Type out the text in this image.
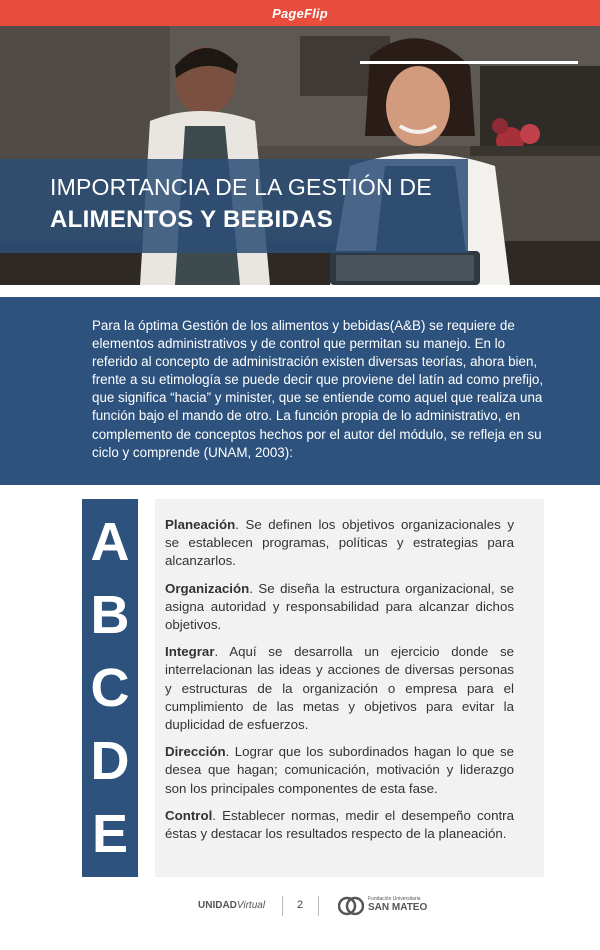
PageFlip
IMPORTANCIA DE LA GESTIÓN DE
ALIMENTOS Y BEBIDAS

Para la óptima Gestión de los alimentos y bebidas(A&B) se requiere de elementos administrativos y de control que permitan su manejo. En lo referido al concepto de administración existen diversas teorías, ahora bien, frente a su etimología se puede decir que proviene del latín ad como prefijo, que significa “hacia” y minister, que se entiende como aquel que realiza una función bajo el mando de otro. La función propia de lo administrativo, en complemento de conceptos hechos por el autor del módulo, se refleja en su ciclo y comprende (UNAM, 2003):

A
B
C
D
E

Planeación. Se definen los objetivos organizacionales y se establecen programas, políticas y estrategias para alcanzarlos.

Organización. Se diseña la estructura organizacional, se asigna autoridad y responsabilidad para alcanzar dichos objetivos.

Integrar. Aquí se desarrolla un ejercicio donde se interrelacionan las ideas y acciones de diversas personas y estructuras de la organización o empresa para el cumplimiento de las metas y objetivos para evitar la duplicidad de esfuerzos.

Dirección. Lograr que los subordinados hagan lo que se desea que hagan; comunicación, motivación y liderazgo son los principales componentes de esta fase.

Control. Establecer normas, medir el desempeño contra éstas y destacar los resultados respecto de la planeación.

UNIDADVirtual	2	Fundación Universitaria
SAN MATEO
